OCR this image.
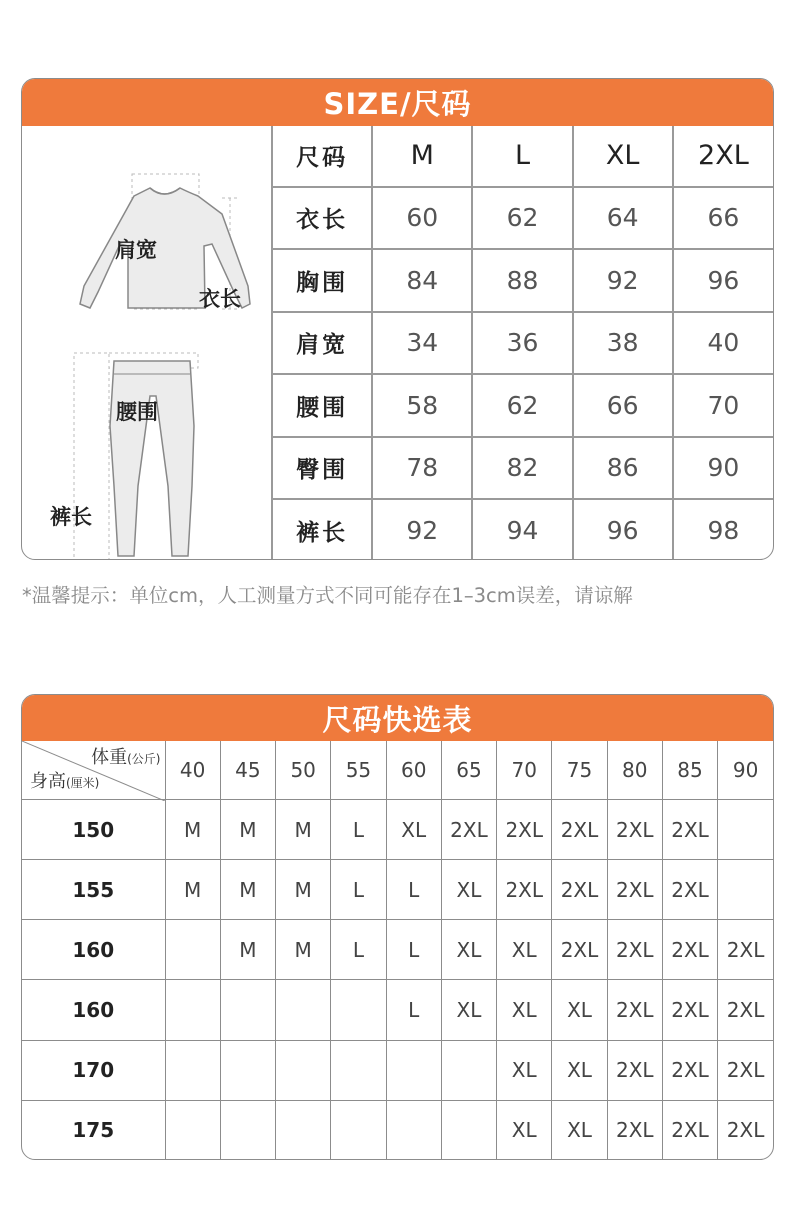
SIZE/尺码
肩宽
衣长
腰围
裤长
尺码	M	L	XL	2XL
衣长	60	62	64	66
胸围	84	88	92	96
肩宽	34	36	38	40
腰围	58	62	66	70
臀围	78	82	86	90
裤长	92	94	96	98
*温馨提示：单位cm，人工测量方式不同可能存在1–3cm误差，请谅解
尺码快选表
体重(公斤)
身高(厘米)	40	45	50	55	60	65	70	75	80	85	90
150	M	M	M	L	XL	2XL	2XL	2XL	2XL	2XL	
155	M	M	M	L	L	XL	2XL	2XL	2XL	2XL	
160		M	M	L	L	XL	XL	2XL	2XL	2XL	2XL
160					L	XL	XL	XL	2XL	2XL	2XL
170							XL	XL	2XL	2XL	2XL
175							XL	XL	2XL	2XL	2XL
